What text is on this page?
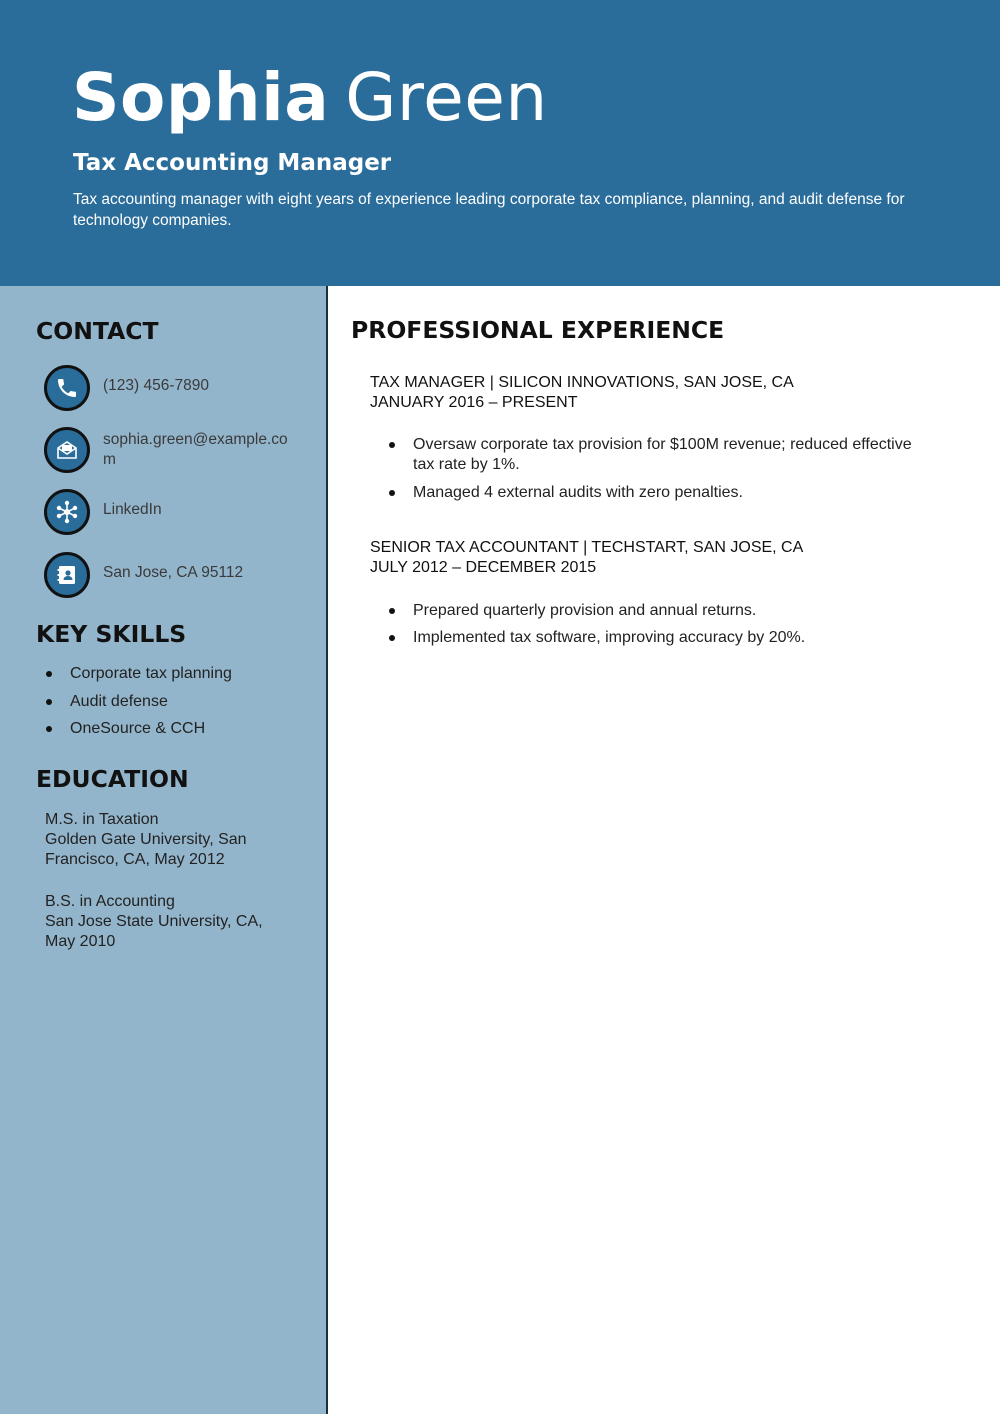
Sophia Green
Tax Accounting Manager
Tax accounting manager with eight years of experience leading corporate tax compliance, planning, and audit defense for technology companies.
CONTACT
(123) 456-7890
sophia.green@example.com
LinkedIn
San Jose, CA 95112
KEY SKILLS
Corporate tax planning
Audit defense
OneSource & CCH
EDUCATION
M.S. in Taxation
Golden Gate University, San Francisco, CA, May 2012
B.S. in Accounting
San Jose State University, CA, May 2010
PROFESSIONAL EXPERIENCE
TAX MANAGER | SILICON INNOVATIONS, SAN JOSE, CA
JANUARY 2016 – PRESENT
Oversaw corporate tax provision for $100M revenue; reduced effective tax rate by 1%.
Managed 4 external audits with zero penalties.
SENIOR TAX ACCOUNTANT | TECHSTART, SAN JOSE, CA
JULY 2012 – DECEMBER 2015
Prepared quarterly provision and annual returns.
Implemented tax software, improving accuracy by 20%.
